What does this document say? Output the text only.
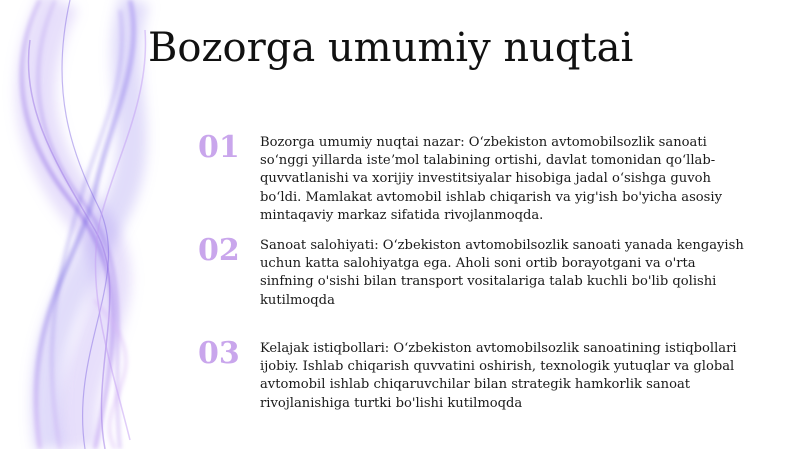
Bozorga umumiy nuqtai
01 Bozorga umumiy nuqtai nazar: Oʻzbekiston avtomobilsozlik sanoati soʻnggi yillarda isteʼmol talabining ortishi, davlat tomonidan qoʻllab-quvvatlanishi va xorijiy investitsiyalar hisobiga jadal oʻsishga guvoh boʻldi. Mamlakat avtomobil ishlab chiqarish va yig'ish bo'yicha asosiy mintaqaviy markaz sifatida rivojlanmoqda.

02 Sanoat salohiyati: Oʻzbekiston avtomobilsozlik sanoati yanada kengayish uchun katta salohiyatga ega. Aholi soni ortib borayotgani va o'rta sinfning o'sishi bilan transport vositalariga talab kuchli bo'lib qolishi kutilmoqda

03 Kelajak istiqbollari: Oʻzbekiston avtomobilsozlik sanoatining istiqbollari ijobiy. Ishlab chiqarish quvvatini oshirish, texnologik yutuqlar va global avtomobil ishlab chiqaruvchilar bilan strategik hamkorlik sanoat rivojlanishiga turtki bo'lishi kutilmoqda
